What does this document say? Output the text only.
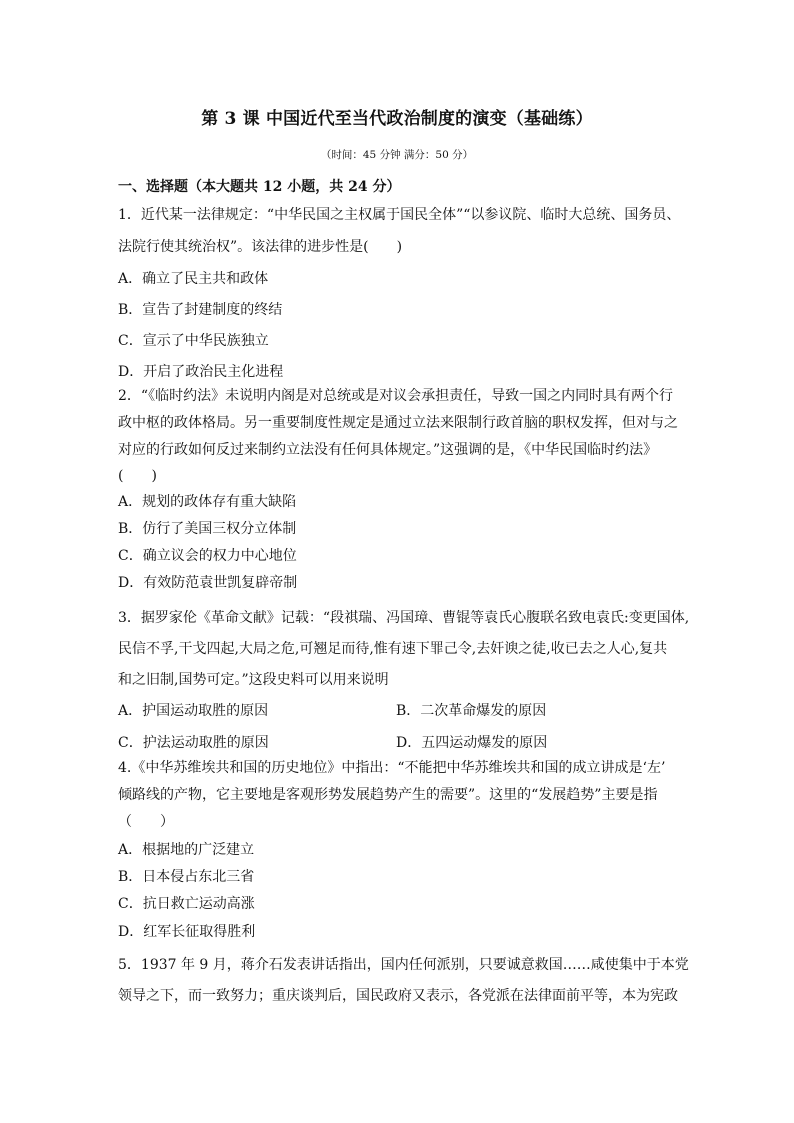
第 3 课 中国近代至当代政治制度的演变（基础练）
（时间：45 分钟 满分：50 分）
一、选择题（本大题共 12 小题，共 24 分）
1．近代某一法律规定：“中华民国之主权属于国民全体”“以参议院、临时大总统、国务员、
法院行使其统治权”。该法律的进步性是(　　)
A．确立了民主共和政体
B．宣告了封建制度的终结
C．宣示了中华民族独立
D．开启了政治民主化进程
2．“《临时约法》未说明内阁是对总统或是对议会承担责任，导致一国之内同时具有两个行
政中枢的政体格局。另一重要制度性规定是通过立法来限制行政首脑的职权发挥，但对与之
对应的行政如何反过来制约立法没有任何具体规定。”这强调的是，《中华民国临时约法》
(　　)
A．规划的政体存有重大缺陷
B．仿行了美国三权分立体制
C．确立议会的权力中心地位
D．有效防范袁世凯复辟帝制
3．据罗家伦《革命文献》记载：“段祺瑞、冯国璋、曹锟等袁氏心腹联名致电袁氏:变更国体,
民信不孚,干戈四起,大局之危,可翘足而待,惟有速下罪己令,去奸谀之徒,收已去之人心,复共
和之旧制,国势可定。”这段史料可以用来说明
A．护国运动取胜的原因	B．二次革命爆发的原因
C．护法运动取胜的原因	D．五四运动爆发的原因
4.《中华苏维埃共和国的历史地位》中指出：“不能把中华苏维埃共和国的成立讲成是‘左’
倾路线的产物，它主要地是客观形势发展趋势产生的需要”。这里的“发展趋势”主要是指
（　　）
A．根据地的广泛建立
B．日本侵占东北三省
C．抗日救亡运动高涨
D．红军长征取得胜利
5．1937 年 9 月，蒋介石发表讲话指出，国内任何派别，只要诚意救国……咸使集中于本党
领导之下，而一致努力；重庆谈判后，国民政府又表示，各党派在法律面前平等，本为宪政
